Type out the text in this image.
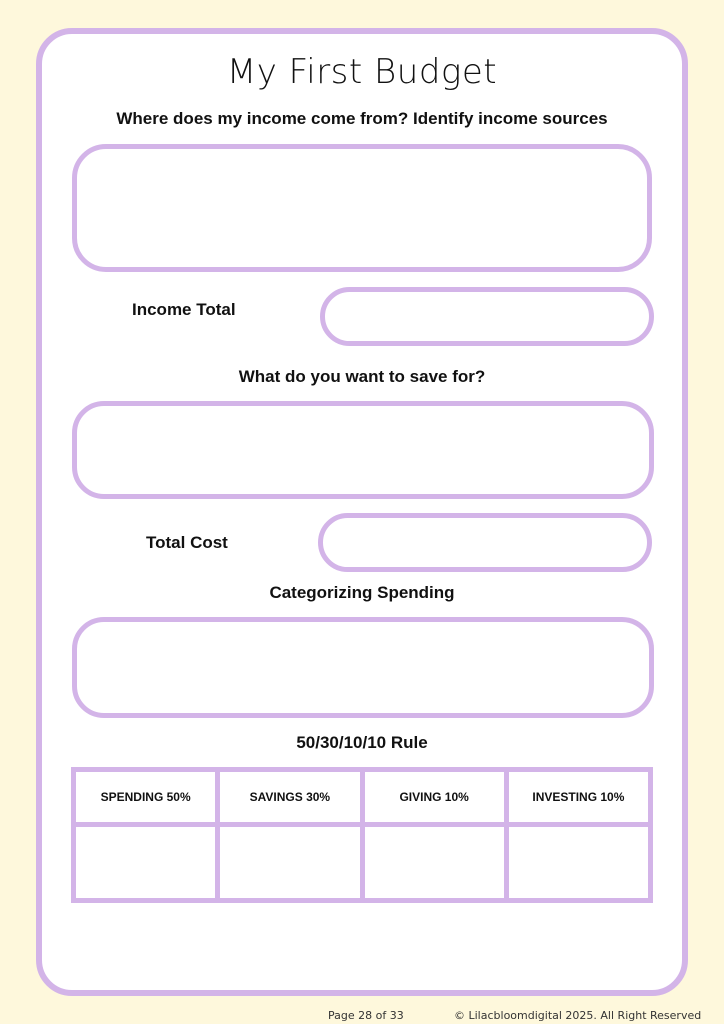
My First Budget
Where does my income come from? Identify income sources
Income Total
What do you want to save for?
Total Cost
Categorizing Spending
50/30/10/10 Rule
SPENDING 50%	SAVINGS 30%	GIVING 10%	INVESTING 10%

Page 28 of 33	© Lilacbloomdigital 2025. All Right Reserved
